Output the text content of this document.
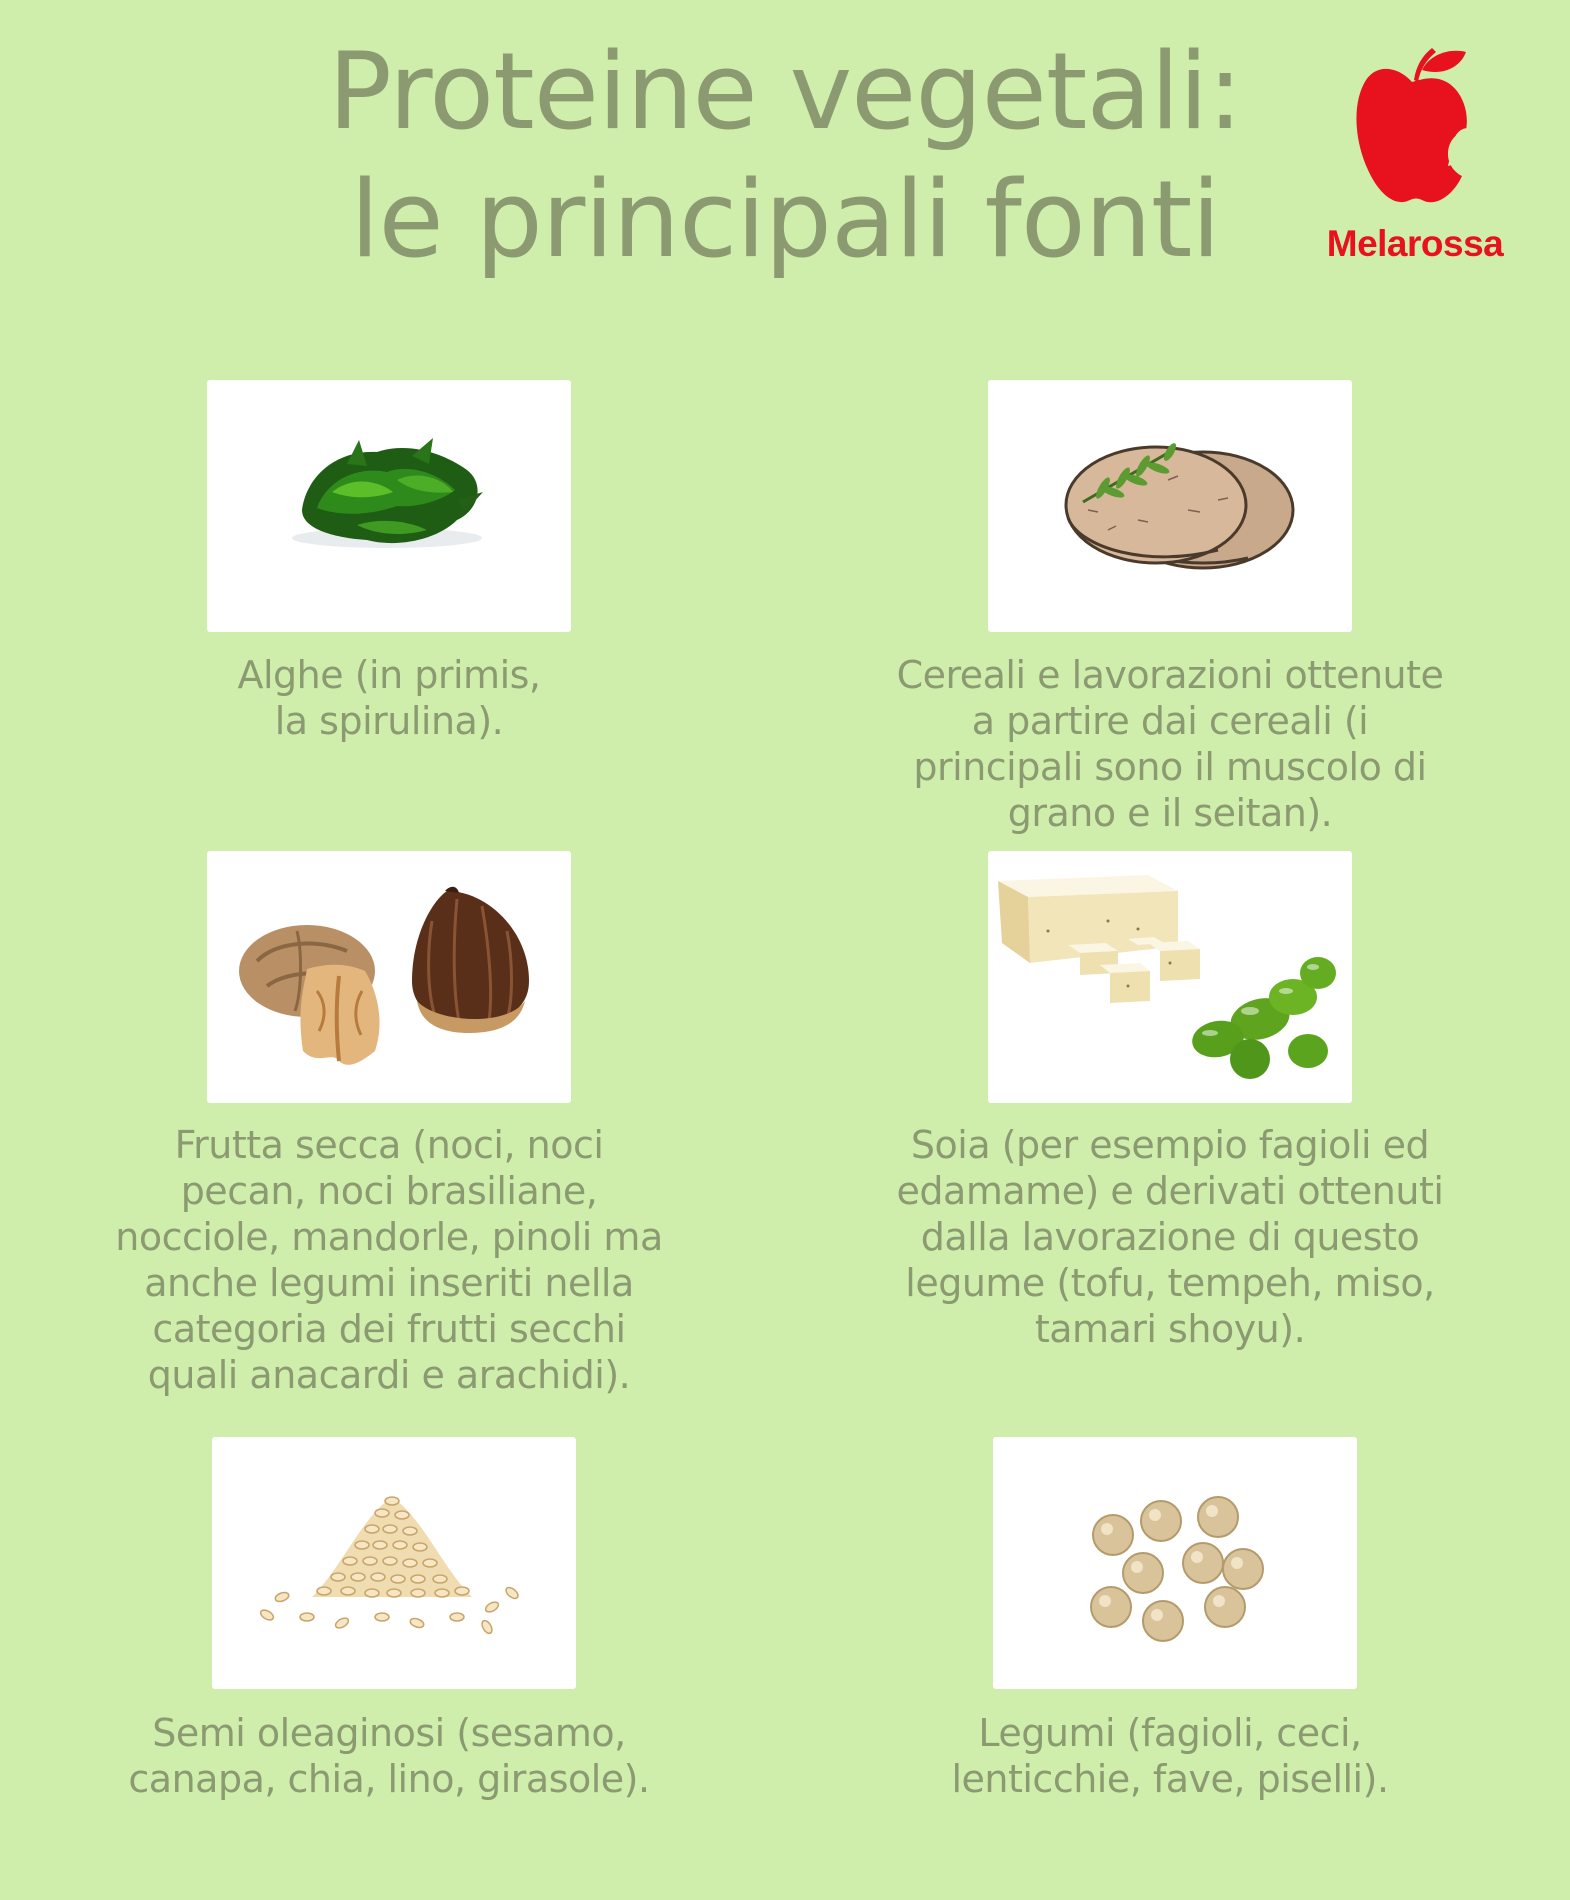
Proteine vegetali:
le principali fonti	Melarossa
Alghe (in primis, la spirulina).
Cereali e lavorazioni ottenute a partire dai cereali (i principali sono il muscolo di grano e il seitan).
Frutta secca (noci, noci pecan, noci brasiliane, nocciole, mandorle, pinoli ma anche legumi inseriti nella categoria dei frutti secchi quali anacardi e arachidi).
Soia (per esempio fagioli ed edamame) e derivati ottenuti dalla lavorazione di questo legume (tofu, tempeh, miso, tamari shoyu).
Semi oleaginosi (sesamo, canapa, chia, lino, girasole).
Legumi (fagioli, ceci, lenticchie, fave, piselli).
